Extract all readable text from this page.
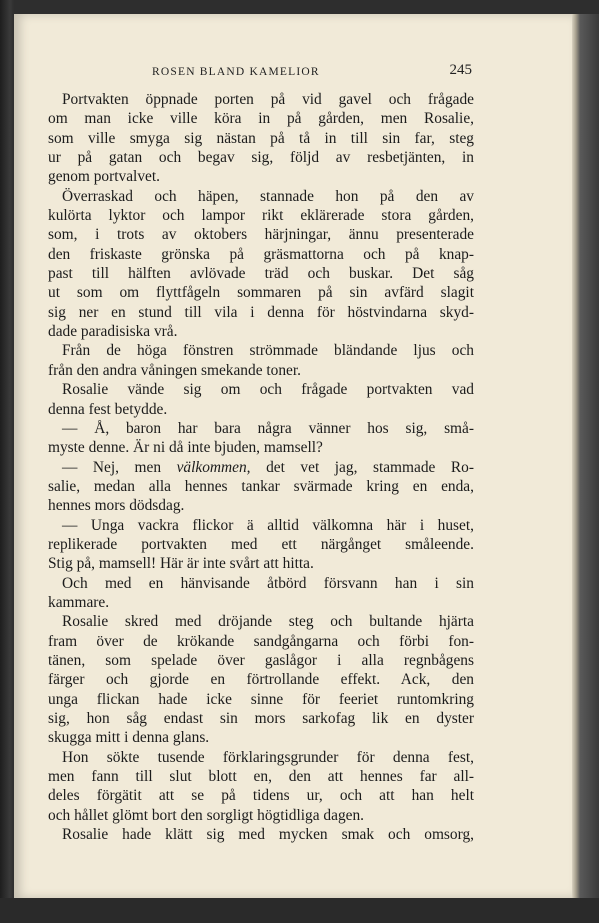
ROSEN BLAND KAMELIOR	245
Portvakten öppnade porten på vid gavel och frågade
om man icke ville köra in på gården, men Rosalie,
som ville smyga sig nästan på tå in till sin far, steg
ur på gatan och begav sig, följd av resbetjänten, in
genom portvalvet.
Överraskad och häpen, stannade hon på den av
kulörta lyktor och lampor rikt eklärerade stora gården,
som, i trots av oktobers härjningar, ännu presenterade
den friskaste grönska på gräsmattorna och på knap-
past till hälften avlövade träd och buskar. Det såg
ut som om flyttfågeln sommaren på sin avfärd slagit
sig ner en stund till vila i denna för höstvindarna skyd-
dade paradisiska vrå.
Från de höga fönstren strömmade bländande ljus och
från den andra våningen smekande toner.
Rosalie vände sig om och frågade portvakten vad
denna fest betydde.
— Å, baron har bara några vänner hos sig, små-
myste denne. Är ni då inte bjuden, mamsell?
— Nej, men välkommen, det vet jag, stammade Ro-
salie, medan alla hennes tankar svärmade kring en enda,
hennes mors dödsdag.
— Unga vackra flickor ä alltid välkomna här i huset,
replikerade portvakten med ett närgånget småleende.
Stig på, mamsell! Här är inte svårt att hitta.
Och med en hänvisande åtbörd försvann han i sin
kammare.
Rosalie skred med dröjande steg och bultande hjärta
fram över de krökande sandgångarna och förbi fon-
tänen, som spelade över gaslågor i alla regnbågens
färger och gjorde en förtrollande effekt. Ack, den
unga flickan hade icke sinne för feeriet runtomkring
sig, hon såg endast sin mors sarkofag lik en dyster
skugga mitt i denna glans.
Hon sökte tusende förklaringsgrunder för denna fest,
men fann till slut blott en, den att hennes far all-
deles förgätit att se på tidens ur, och att han helt
och hållet glömt bort den sorgligt högtidliga dagen.
Rosalie hade klätt sig med mycken smak och omsorg,
